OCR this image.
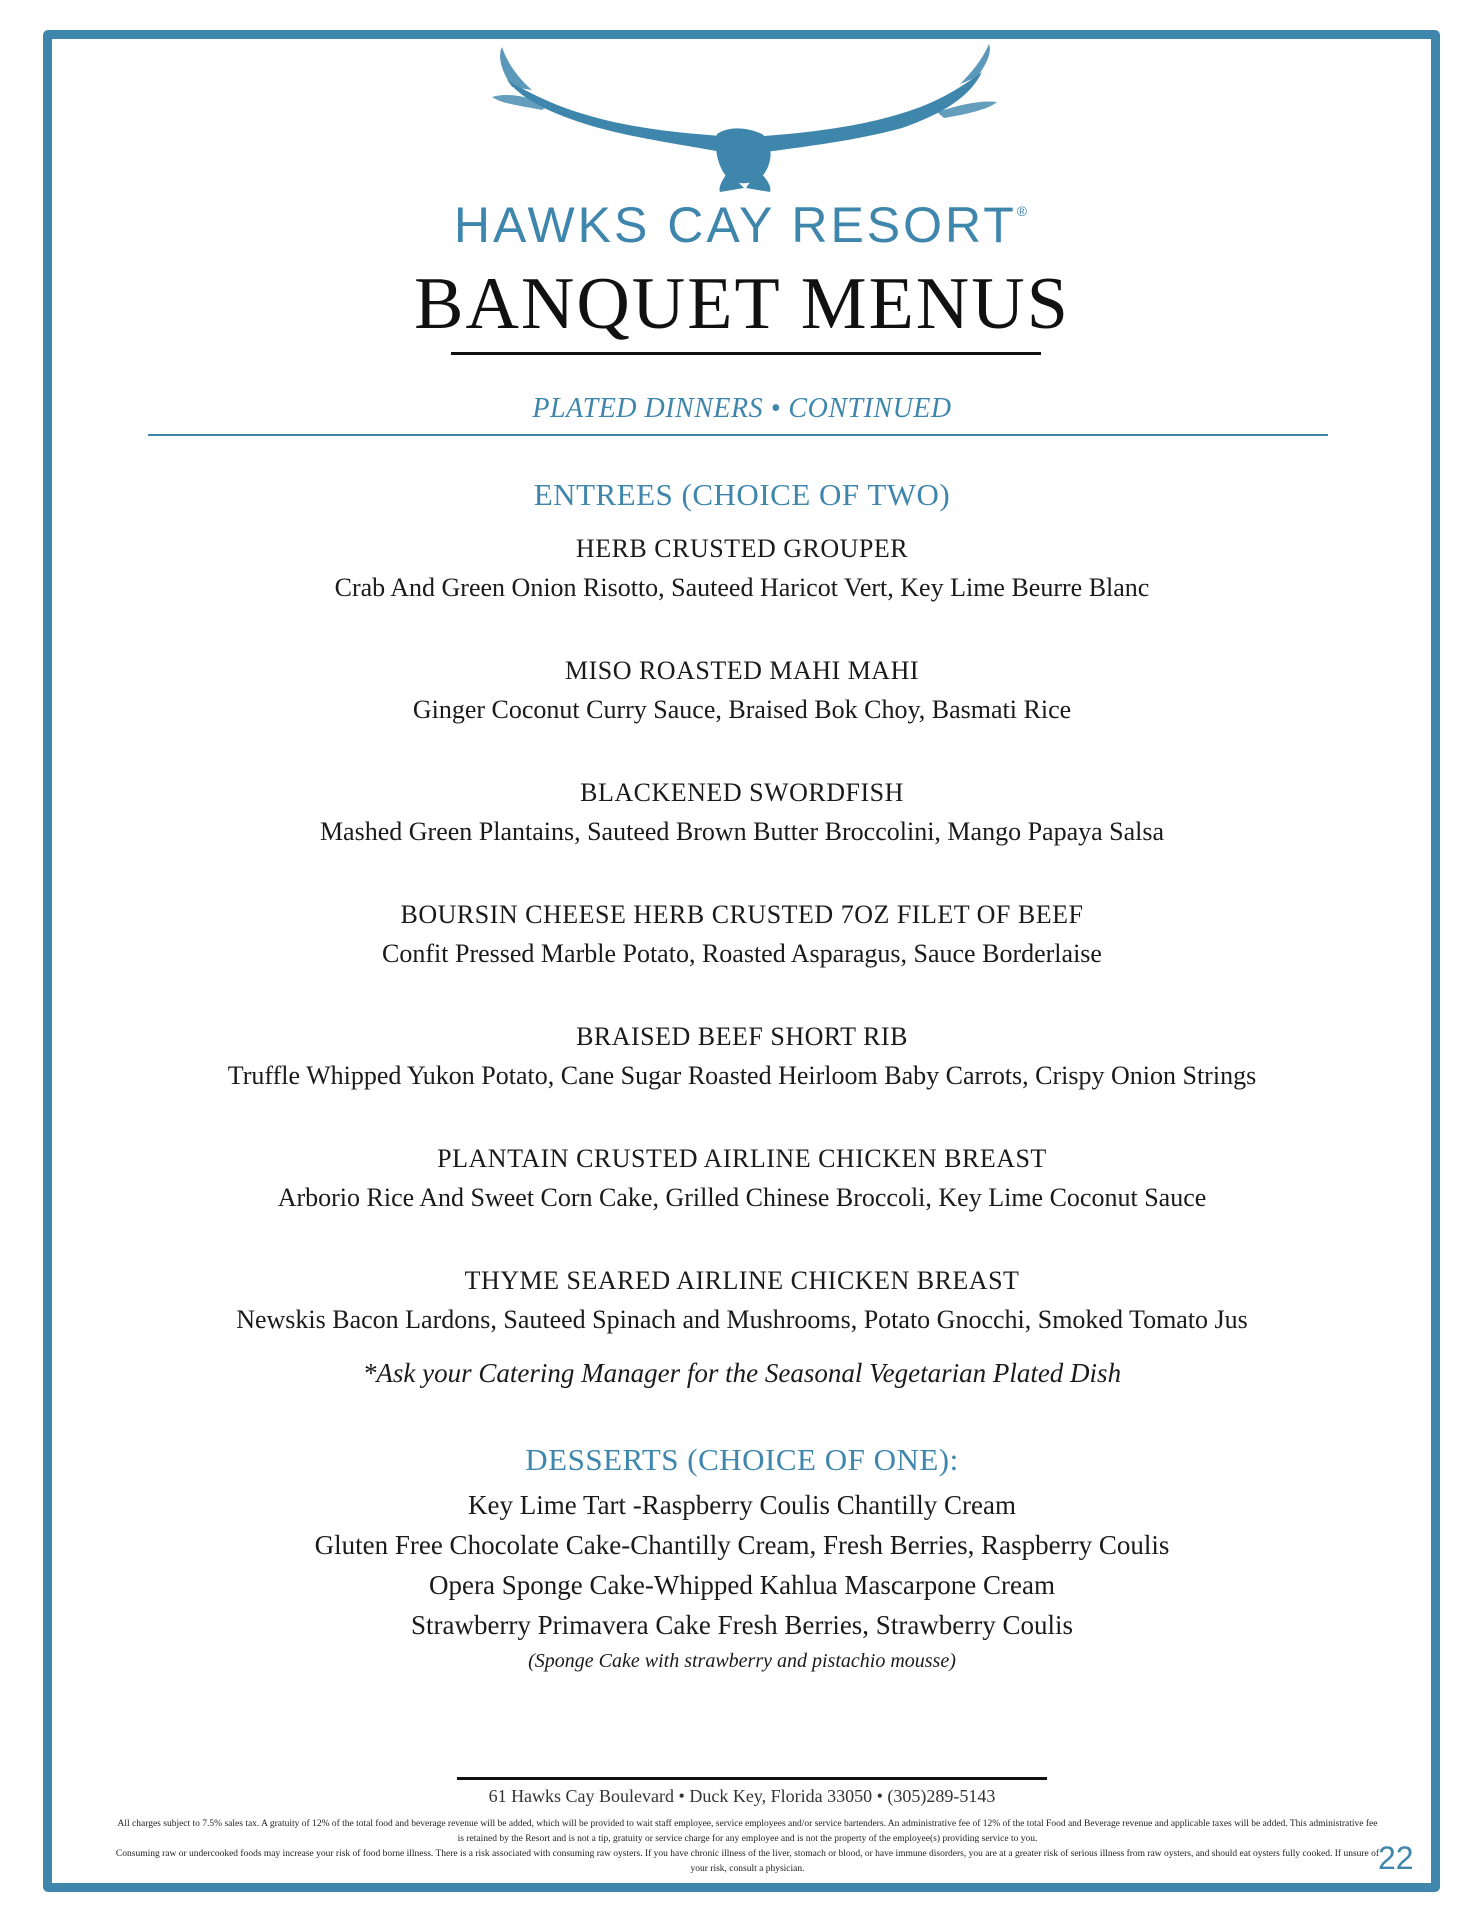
HAWKS CAY RESORT®
BANQUET MENUS
PLATED DINNERS • CONTINUED
ENTREES (CHOICE OF TWO)
HERB CRUSTED GROUPER
Crab And Green Onion Risotto, Sauteed Haricot Vert, Key Lime Beurre Blanc
MISO ROASTED MAHI MAHI
Ginger Coconut Curry Sauce, Braised Bok Choy, Basmati Rice
BLACKENED SWORDFISH
Mashed Green Plantains, Sauteed Brown Butter Broccolini, Mango Papaya Salsa
BOURSIN CHEESE HERB CRUSTED 7OZ FILET OF BEEF
Confit Pressed Marble Potato, Roasted Asparagus, Sauce Borderlaise
BRAISED BEEF SHORT RIB
Truffle Whipped Yukon Potato, Cane Sugar Roasted Heirloom Baby Carrots, Crispy Onion Strings
PLANTAIN CRUSTED AIRLINE CHICKEN BREAST
Arborio Rice And Sweet Corn Cake, Grilled Chinese Broccoli, Key Lime Coconut Sauce
THYME SEARED AIRLINE CHICKEN BREAST
Newskis Bacon Lardons, Sauteed Spinach and Mushrooms, Potato Gnocchi, Smoked Tomato Jus
*Ask your Catering Manager for the Seasonal Vegetarian Plated Dish
DESSERTS (CHOICE OF ONE):
Key Lime Tart -Raspberry Coulis Chantilly Cream
Gluten Free Chocolate Cake-Chantilly Cream, Fresh Berries, Raspberry Coulis
Opera Sponge Cake-Whipped Kahlua Mascarpone Cream
Strawberry Primavera Cake Fresh Berries, Strawberry Coulis
(Sponge Cake with strawberry and pistachio mousse)
61 Hawks Cay Boulevard • Duck Key, Florida 33050 • (305)289-5143
All charges subject to 7.5% sales tax. A gratuity of 12% of the total food and beverage revenue will be added, which will be provided to wait staff employee, service employees and/or service bartenders. An administrative fee of 12% of the total Food and Beverage revenue and applicable taxes will be added. This administrative fee is retained by the Resort and is not a tip, gratuity or service charge for any employee and is not the property of the employee(s) providing service to you.
Consuming raw or undercooked foods may increase your risk of food borne illness. There is a risk associated with consuming raw oysters. If you have chronic illness of the liver, stomach or blood, or have immune disorders, you are at a greater risk of serious illness from raw oysters, and should eat oysters fully cooked. If unsure of your risk, consult a physician.	22
